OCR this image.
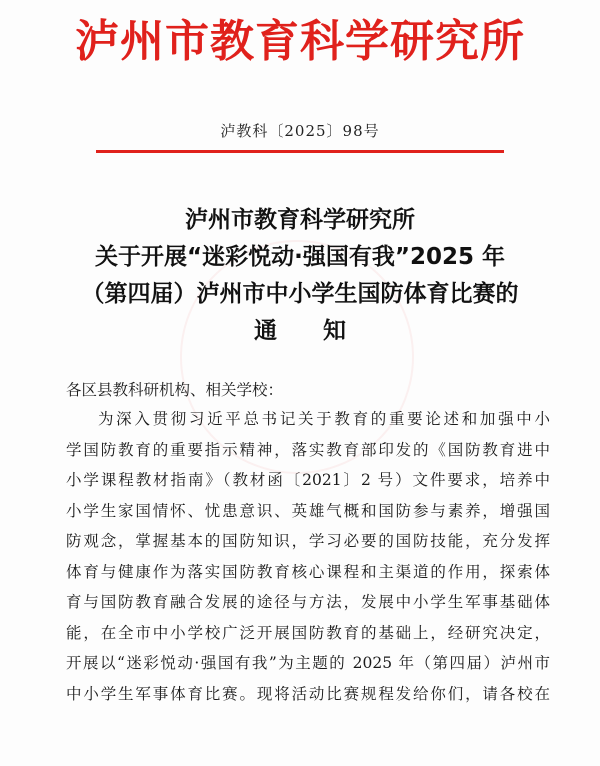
泸州市教育科学研究所
泸教科〔2025〕98号
泸州市教育科学研究所
关于开展“迷彩悦动·强国有我”2025 年
（第四届）泸州市中小学生国防体育比赛的
通知
各区县教科研机构、相关学校：
为深入贯彻习近平总书记关于教育的重要论述和加强中小
学国防教育的重要指示精神，落实教育部印发的《国防教育进中
小学课程教材指南》（教材函〔2021〕2 号）文件要求，培养中
小学生家国情怀、忧患意识、英雄气概和国防参与素养，增强国
防观念，掌握基本的国防知识，学习必要的国防技能，充分发挥
体育与健康作为落实国防教育核心课程和主渠道的作用，探索体
育与国防教育融合发展的途径与方法，发展中小学生军事基础体
能，在全市中小学校广泛开展国防教育的基础上，经研究决定，
开展以“迷彩悦动·强国有我”为主题的 2025 年（第四届）泸州市
中小学生军事体育比赛。现将活动比赛规程发给你们，请各校在
